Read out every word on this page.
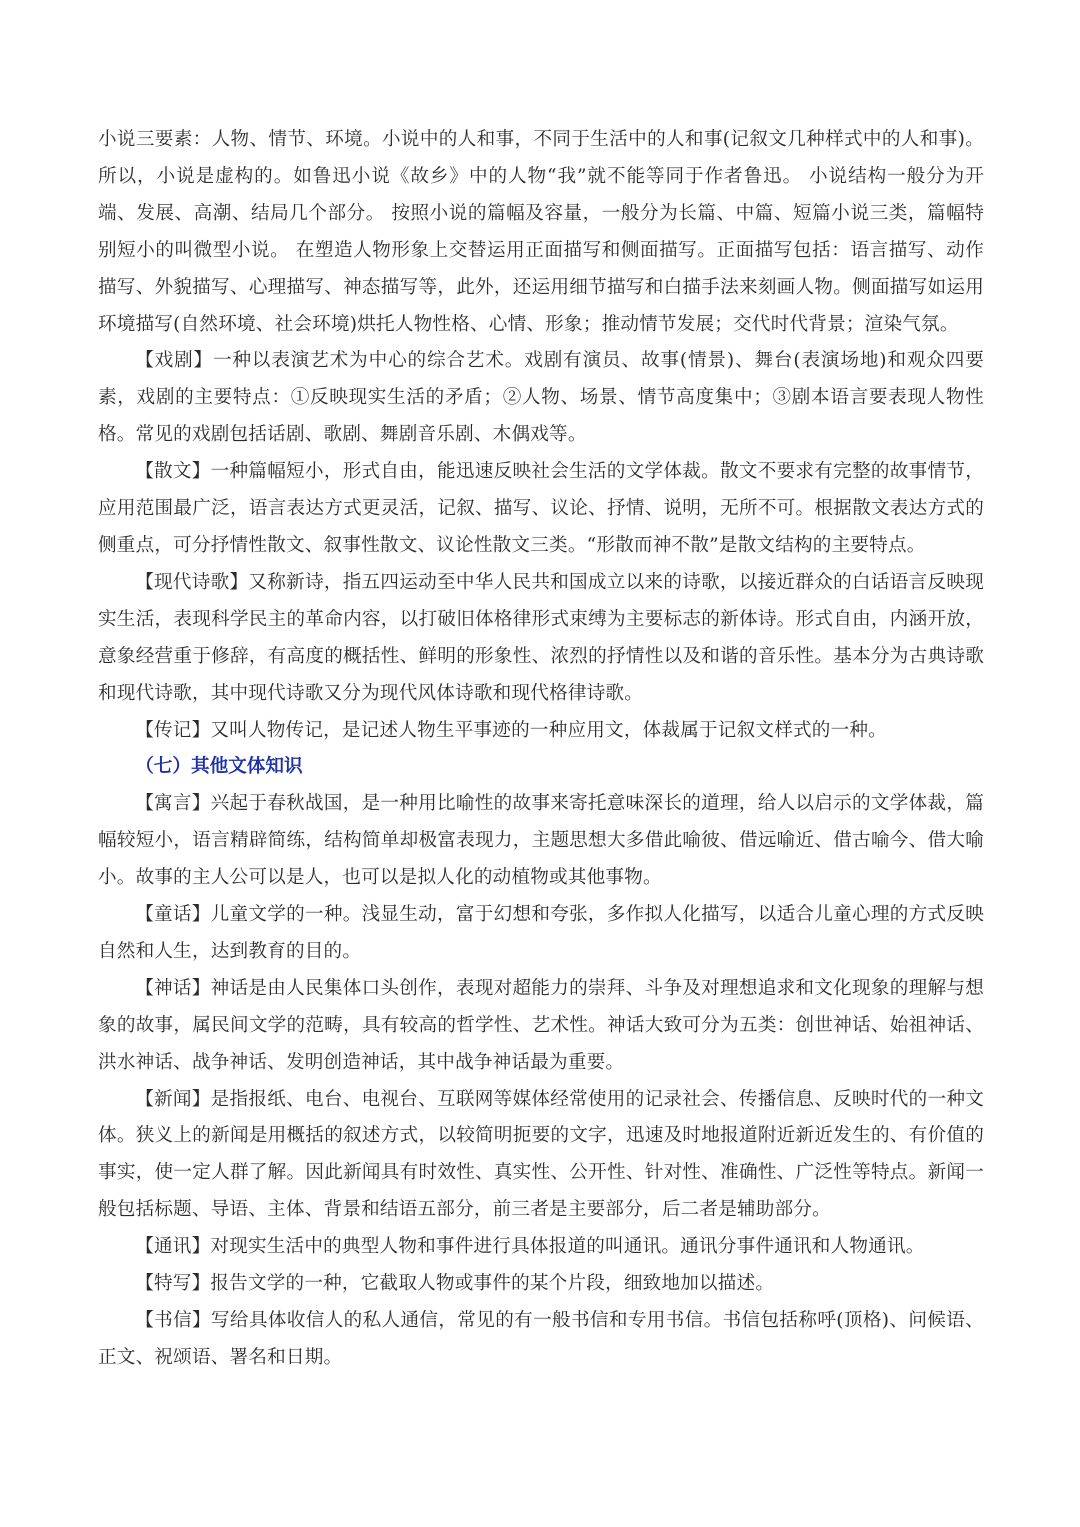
小说三要素：人物、情节、环境。小说中的人和事，不同于生活中的人和事(记叙文几种样式中的人和事)。所以，小说是虚构的。如鲁迅小说《故乡》中的人物“我”就不能等同于作者鲁迅。 小说结构一般分为开端、发展、高潮、结局几个部分。 按照小说的篇幅及容量，一般分为长篇、中篇、短篇小说三类，篇幅特别短小的叫微型小说。 在塑造人物形象上交替运用正面描写和侧面描写。正面描写包括：语言描写、动作描写、外貌描写、心理描写、神态描写等，此外，还运用细节描写和白描手法来刻画人物。侧面描写如运用环境描写(自然环境、社会环境)烘托人物性格、心情、形象；推动情节发展；交代时代背景；渲染气氛。

【戏剧】一种以表演艺术为中心的综合艺术。戏剧有演员、故事(情景)、舞台(表演场地)和观众四要素，戏剧的主要特点：①反映现实生活的矛盾；②人物、场景、情节高度集中；③剧本语言要表现人物性格。常见的戏剧包括话剧、歌剧、舞剧音乐剧、木偶戏等。

【散文】一种篇幅短小，形式自由，能迅速反映社会生活的文学体裁。散文不要求有完整的故事情节，应用范围最广泛，语言表达方式更灵活，记叙、描写、议论、抒情、说明，无所不可。根据散文表达方式的侧重点，可分抒情性散文、叙事性散文、议论性散文三类。“形散而神不散”是散文结构的主要特点。

【现代诗歌】又称新诗，指五四运动至中华人民共和国成立以来的诗歌，以接近群众的白话语言反映现实生活，表现科学民主的革命内容，以打破旧体格律形式束缚为主要标志的新体诗。形式自由，内涵开放，意象经营重于修辞，有高度的概括性、鲜明的形象性、浓烈的抒情性以及和谐的音乐性。基本分为古典诗歌和现代诗歌，其中现代诗歌又分为现代风体诗歌和现代格律诗歌。

【传记】又叫人物传记，是记述人物生平事迹的一种应用文，体裁属于记叙文样式的一种。

（七）其他文体知识

【寓言】兴起于春秋战国，是一种用比喻性的故事来寄托意味深长的道理，给人以启示的文学体裁，篇幅较短小，语言精辟简练，结构简单却极富表现力，主题思想大多借此喻彼、借远喻近、借古喻今、借大喻小。故事的主人公可以是人，也可以是拟人化的动植物或其他事物。

【童话】儿童文学的一种。浅显生动，富于幻想和夸张，多作拟人化描写，以适合儿童心理的方式反映自然和人生，达到教育的目的。

【神话】神话是由人民集体口头创作，表现对超能力的崇拜、斗争及对理想追求和文化现象的理解与想象的故事，属民间文学的范畴，具有较高的哲学性、艺术性。神话大致可分为五类：创世神话、始祖神话、洪水神话、战争神话、发明创造神话，其中战争神话最为重要。

【新闻】是指报纸、电台、电视台、互联网等媒体经常使用的记录社会、传播信息、反映时代的一种文体。狭义上的新闻是用概括的叙述方式，以较简明扼要的文字，迅速及时地报道附近新近发生的、有价值的事实，使一定人群了解。因此新闻具有时效性、真实性、公开性、针对性、准确性、广泛性等特点。新闻一般包括标题、导语、主体、背景和结语五部分，前三者是主要部分，后二者是辅助部分。

【通讯】对现实生活中的典型人物和事件进行具体报道的叫通讯。通讯分事件通讯和人物通讯。

【特写】报告文学的一种，它截取人物或事件的某个片段，细致地加以描述。

【书信】写给具体收信人的私人通信，常见的有一般书信和专用书信。书信包括称呼(顶格)、问候语、正文、祝颂语、署名和日期。
